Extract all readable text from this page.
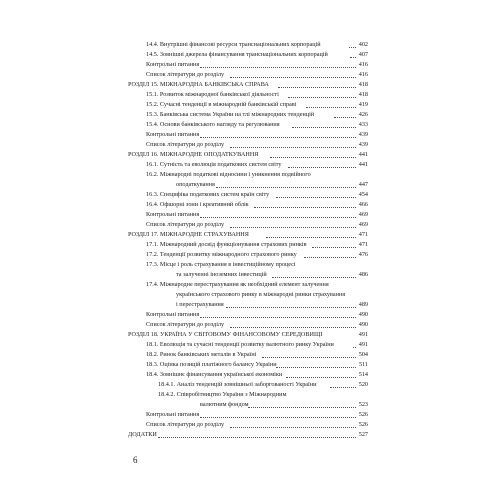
14.4. Внутрішні фінансові ресурси транснаціональних корпорацій	402
14.5. Зовнішні джерела фінансування транснаціональних корпорацій	407
Контрольні питання	416
Список літератури до розділу	416
РОЗДІЛ 15. МІЖНАРОДНА БАНКІВСЬКА СПРАВА	418
15.1. Розвиток міжнародної банківської діяльності	418
15.2. Сучасні тенденції в міжнародній банківській справі	419
15.3. Банківська система України на тлі міжнародних тенденцій	426
15.4. Основи банківського нагляду та регулювання	433
Контрольні питання	439
Список літератури до розділу	439
РОЗДІЛ 16. МІЖНАРОДНЕ ОПОДАТКУВАННЯ	441
16.1. Сутність та еволюція податкових систем світу	441
16.2. Міжнародні податкові відносини і уникнення подвійного
оподаткування	447
16.3. Специфіка податкових систем країн світу	454
16.4. Офшорні зони і креативний облік	466
Контрольні питання	469
Список літератури до розділу	469
РОЗДІЛ 17. МІЖНАРОДНЕ СТРАХУВАННЯ	471
17.1. Міжнародний досвід функціонування страхових ринків	471
17.2. Тенденції розвитку міжнародного страхового ринку	476
17.3. Місце і роль страхування в інвестиційному процесі
та залученні іноземних інвестицій	486
17.4. Міжнародне перестрахування як необхідний елемент залучення
українського страхового ринку в міжнародні ринки страхування
і перестрахування	489
Контрольні питання	490
Список літератури до розділу	490
РОЗДІЛ 18. УКРАЇНА У СВІТОВОМУ ФІНАНСОВОМУ СЕРЕДОВИЩІ	491
18.1. Еволюція та сучасні тенденції розвитку валютного ринку України	491
18.2. Ринок банківських металів в Україні	504
18.3. Оцінка позицій платіжного балансу України	511
18.4. Зовнішнє фінансування української економіки	514
18.4.1. Аналіз тенденцій зовнішньої заборгованості України	520
18.4.2. Співробітництво України з Міжнародним
валютним фондом	523
Контрольні питання	526
Список літератури до розділу	526
ДОДАТКИ	527
6
